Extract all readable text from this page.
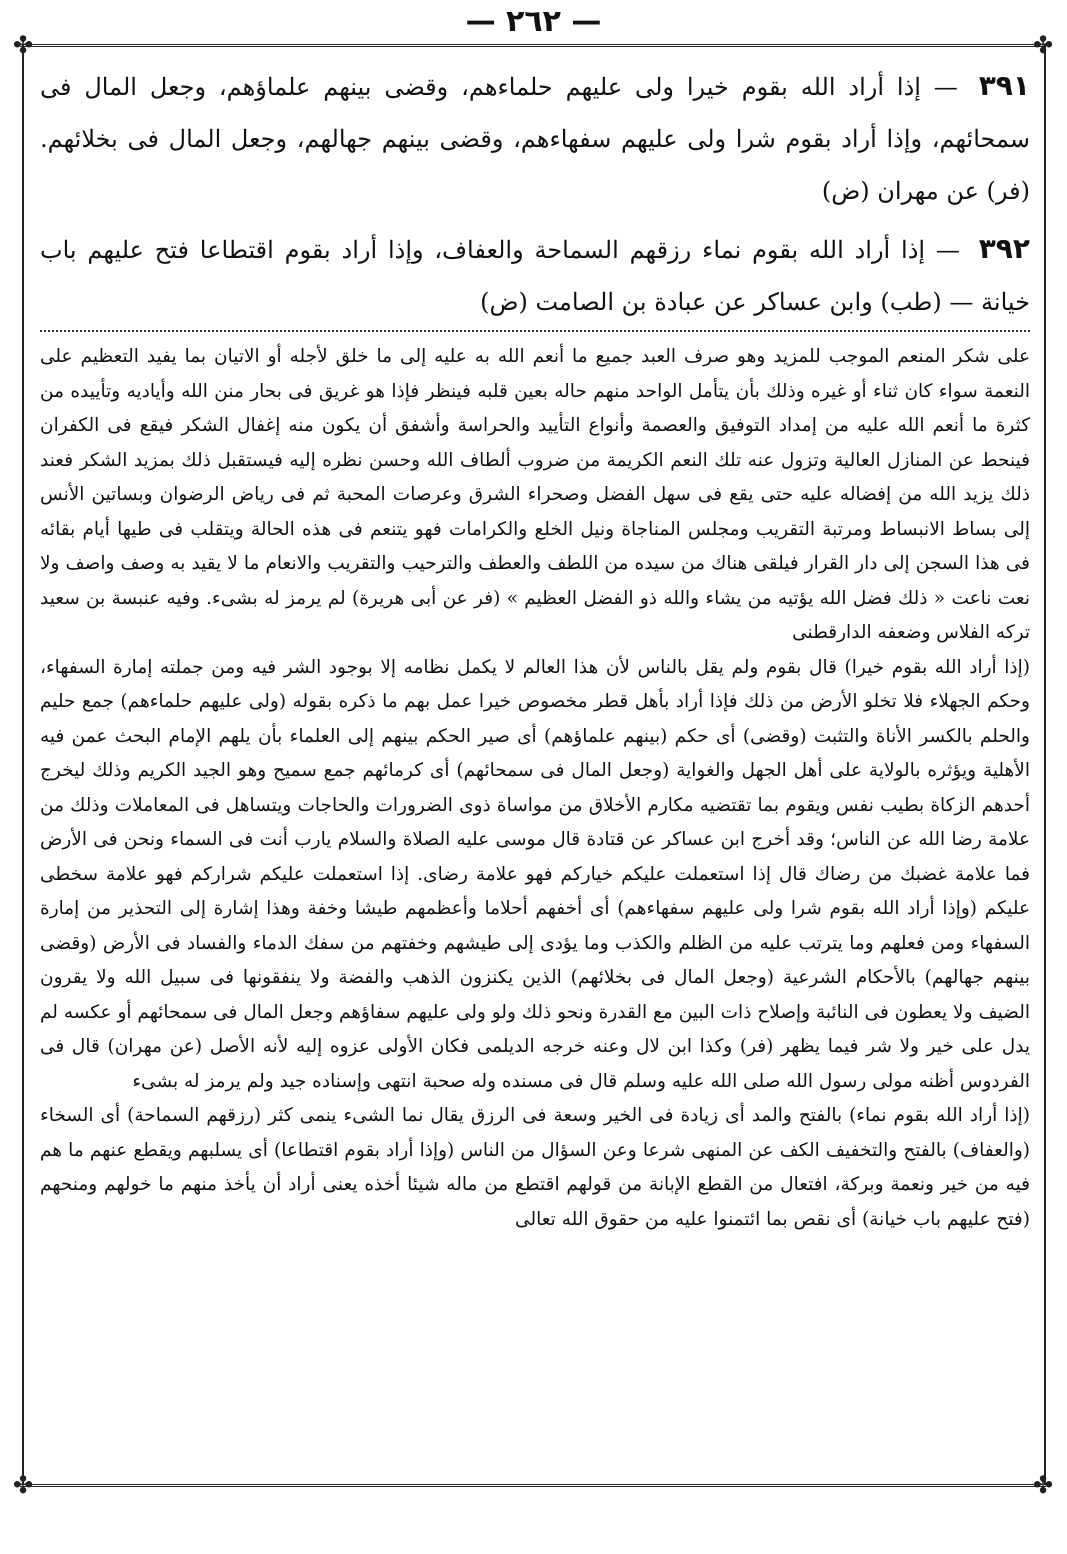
✤	✤
✤	✤
— ٢٦٢ —
٣٩١ — إذا أراد الله بقوم خيرا ولى عليهم حلماءهم، وقضى بينهم علماؤهم، وجعل المال فى سمحائهم، وإذا أراد بقوم شرا ولى عليهم سفهاءهم، وقضى بينهم جهالهم، وجعل المال فى بخلائهم. (فر) عن مهران (ض)
٣٩٢ — إذا أراد الله بقوم نماء رزقهم السماحة والعفاف، وإذا أراد بقوم اقتطاعا فتح عليهم باب خيانة — (طب) وابن عساكر عن عبادة بن الصامت (ض)

على شكر المنعم الموجب للمزيد وهو صرف العبد جميع ما أنعم الله به عليه إلى ما خلق لأجله أو الاتيان بما يفيد التعظيم على النعمة سواء كان ثناء أو غيره وذلك بأن يتأمل الواحد منهم حاله بعين قلبه فينظر فإذا هو غريق فى بحار منن الله وأياديه وتأييده من كثرة ما أنعم الله عليه من إمداد التوفيق والعصمة وأنواع التأييد والحراسة وأشفق أن يكون منه إغفال الشكر فيقع فى الكفران فينحط عن المنازل العالية وتزول عنه تلك النعم الكريمة من ضروب ألطاف الله وحسن نظره إليه فيستقبل ذلك بمزيد الشكر فعند ذلك يزيد الله من إفضاله عليه حتى يقع فى سهل الفضل وصحراء الشرق وعرصات المحبة ثم فى رياض الرضوان وبساتين الأنس إلى بساط الانبساط ومرتبة التقريب ومجلس المناجاة ونيل الخلع والكرامات فهو يتنعم فى هذه الحالة ويتقلب فى طيها أيام بقائه فى هذا السجن إلى دار القرار فيلقى هناك من سيده من اللطف والعطف والترحيب والتقريب والانعام ما لا يقيد به وصف واصف ولا نعت ناعت « ذلك فضل الله يؤتيه من يشاء والله ذو الفضل العظيم » (فر عن أبى هريرة) لم يرمز له بشىء. وفيه عنبسة بن سعيد تركه الفلاس وضعفه الدارقطنى

(إذا أراد الله بقوم خيرا) قال بقوم ولم يقل بالناس لأن هذا العالم لا يكمل نظامه إلا بوجود الشر فيه ومن جملته إمارة السفهاء، وحكم الجهلاء فلا تخلو الأرض من ذلك فإذا أراد بأهل قطر مخصوص خيرا عمل بهم ما ذكره بقوله (ولى عليهم حلماءهم) جمع حليم والحلم بالكسر الأناة والتثبت (وقضى) أى حكم (بينهم علماؤهم) أى صير الحكم بينهم إلى العلماء بأن يلهم الإمام البحث عمن فيه الأهلية ويؤثره بالولاية على أهل الجهل والغواية (وجعل المال فى سمحائهم) أى كرمائهم جمع سميح وهو الجيد الكريم وذلك ليخرج أحدهم الزكاة بطيب نفس ويقوم بما تقتضيه مكارم الأخلاق من مواساة ذوى الضرورات والحاجات ويتساهل فى المعاملات وذلك من علامة رضا الله عن الناس؛ وقد أخرج ابن عساكر عن قتادة قال موسى عليه الصلاة والسلام يارب أنت فى السماء ونحن فى الأرض فما علامة غضبك من رضاك قال إذا استعملت عليكم خياركم فهو علامة رضاى. إذا استعملت عليكم شراركم فهو علامة سخطى عليكم (وإذا أراد الله بقوم شرا ولى عليهم سفهاءهم) أى أخفهم أحلاما وأعظمهم طيشا وخفة وهذا إشارة إلى التحذير من إمارة السفهاء ومن فعلهم وما يترتب عليه من الظلم والكذب وما يؤدى إلى طيشهم وخفتهم من سفك الدماء والفساد فى الأرض (وقضى بينهم جهالهم) بالأحكام الشرعية (وجعل المال فى بخلائهم) الذين يكنزون الذهب والفضة ولا ينفقونها فى سبيل الله ولا يقرون الضيف ولا يعطون فى النائبة وإصلاح ذات البين مع القدرة ونحو ذلك ولو ولى عليهم سفاؤهم وجعل المال فى سمحائهم أو عكسه لم يدل على خير ولا شر فيما يظهر (فر) وكذا ابن لال وعنه خرجه الديلمى فكان الأولى عزوه إليه لأنه الأصل (عن مهران) قال فى الفردوس أظنه مولى رسول الله صلى الله عليه وسلم قال فى مسنده وله صحبة انتهى وإسناده جيد ولم يرمز له بشىء

(إذا أراد الله بقوم نماء) بالفتح والمد أى زيادة فى الخير وسعة فى الرزق يقال نما الشىء ينمى كثر (رزقهم السماحة) أى السخاء (والعفاف) بالفتح والتخفيف الكف عن المنهى شرعا وعن السؤال من الناس (وإذا أراد بقوم اقتطاعا) أى يسلبهم ويقطع عنهم ما هم فيه من خير ونعمة وبركة، افتعال من القطع الإبانة من قولهم اقتطع من ماله شيئا أخذه يعنى أراد أن يأخذ منهم ما خولهم ومنحهم (فتح عليهم باب خيانة) أى نقص بما ائتمنوا عليه من حقوق الله تعالى
